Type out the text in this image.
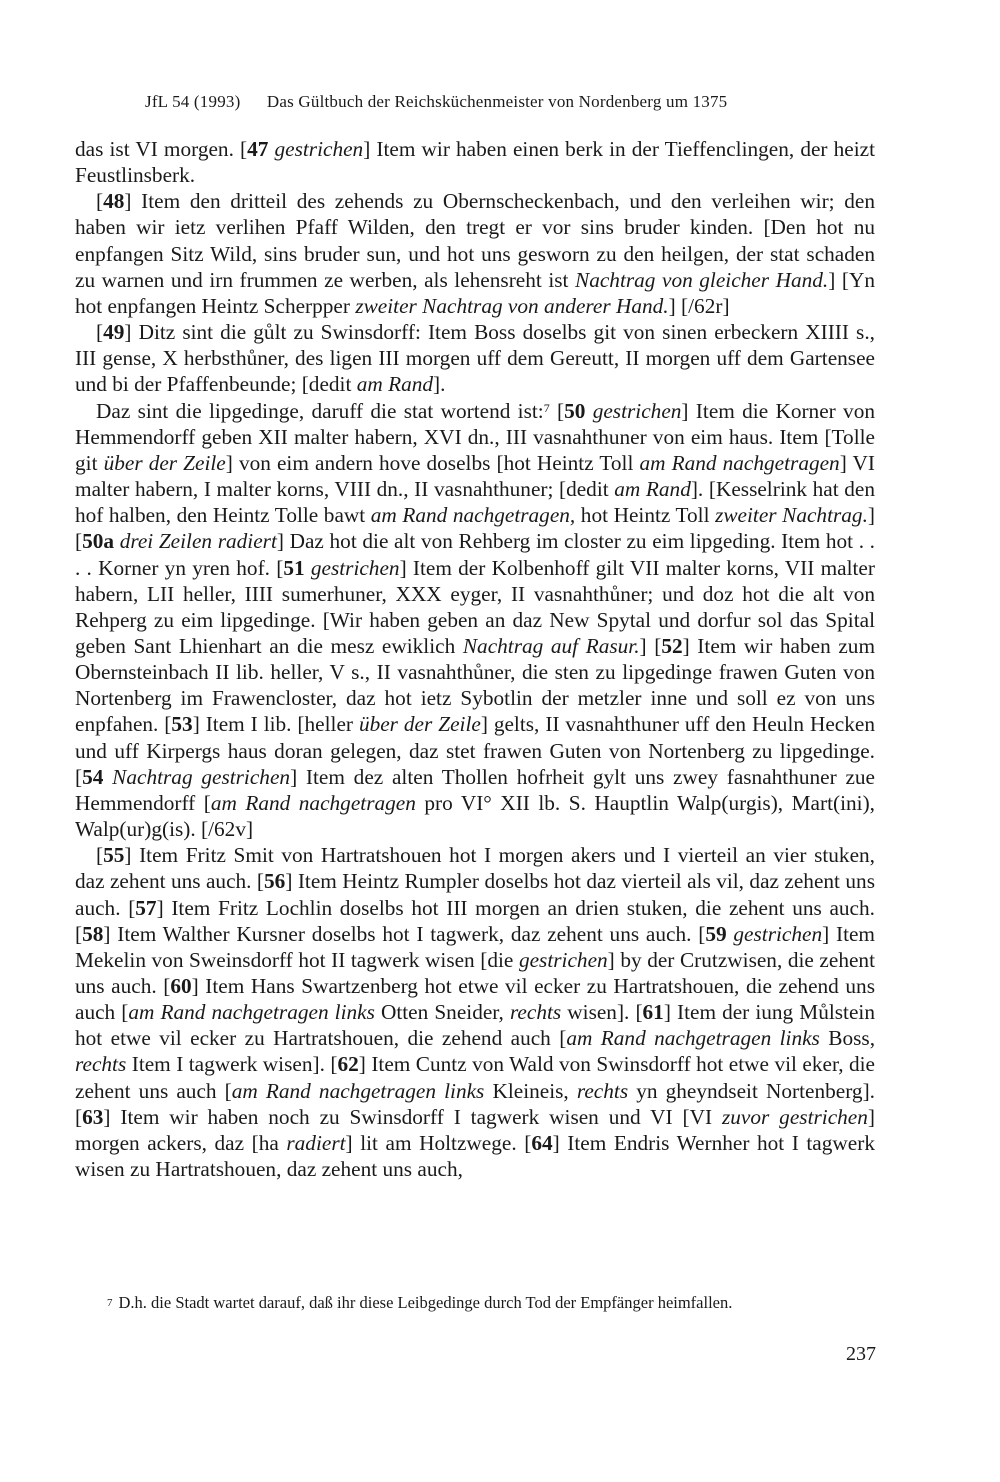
JfL 54 (1993) Das Gültbuch der Reichsküchenmeister von Nordenberg um 1375

das ist VI morgen. [47 gestrichen] Item wir haben einen berk in der Tieffenclingen, der heizt Feustlinsberk.

[48] Item den dritteil des zehends zu Obernscheckenbach, und den verleihen wir; den haben wir ietz verlihen Pfaff Wilden, den tregt er vor sins bruder kinden. [Den hot nu enpfangen Sitz Wild, sins bruder sun, und hot uns gesworn zu den heilgen, der stat schaden zu warnen und irn frummen ze werben, als lehensreht ist Nachtrag von gleicher Hand.] [Yn hot enpfangen Heintz Scherpper zweiter Nachtrag von anderer Hand.] [/62r]

[49] Ditz sint die gůlt zu Swinsdorff: Item Boss doselbs git von sinen erbeckern XIIII s., III gense, X herbsthůner, des ligen III morgen uff dem Gereutt, II morgen uff dem Gartensee und bi der Pfaffenbeunde; [dedit am Rand].

Daz sint die lipgedinge, daruff die stat wortend ist:$^7$ [50 gestrichen] Item die Korner von Hemmendorff geben XII malter habern, XVI dn., III vasnahthuner von eim haus. Item [Tolle git über der Zeile] von eim andern hove doselbs [hot Heintz Toll am Rand nachgetragen] VI malter habern, I malter korns, VIII dn., II vasnahthuner; [dedit am Rand]. [Kesselrink hat den hof halben, den Heintz Tolle bawt am Rand nachgetragen, hot Heintz Toll zweiter Nachtrag.] [50a drei Zeilen radiert] Daz hot die alt von Rehberg im closter zu eim lipgeding. Item hot . . . . Korner yn yren hof. [51 gestrichen] Item der Kolbenhoff gilt VII malter korns, VII malter habern, LII heller, IIII sumerhuner, XXX eyger, II vasnahthůner; und doz hot die alt von Rehperg zu eim lipgedinge. [Wir haben geben an daz New Spytal und dorfur sol das Spital geben Sant Lhienhart an die mesz ewiklich Nachtrag auf Rasur.] [52] Item wir haben zum Obernsteinbach II lib. heller, V s., II vasnahthůner, die sten zu lipgedinge frawen Guten von Nortenberg im Frawencloster, daz hot ietz Sybotlin der metzler inne und soll ez von uns enpfahen. [53] Item I lib. [heller über der Zeile] gelts, II vasnahthuner uff den Heuln Hecken und uff Kirpergs haus doran gelegen, daz stet frawen Guten von Nortenberg zu lipgedinge. [54 Nachtrag gestrichen] Item dez alten Thollen hofrheit gylt uns zwey fasnahthuner zue Hemmendorff [am Rand nachgetragen pro VI° XII lb. S. Hauptlin Walp(urgis), Mart(ini), Walp(ur)g(is). [/62v]

[55] Item Fritz Smit von Hartratshouen hot I morgen akers und I vierteil an vier stuken, daz zehent uns auch. [56] Item Heintz Rumpler doselbs hot daz vierteil als vil, daz zehent uns auch. [57] Item Fritz Lochlin doselbs hot III morgen an drien stuken, die zehent uns auch. [58] Item Walther Kursner doselbs hot I tagwerk, daz zehent uns auch. [59 gestrichen] Item Mekelin von Sweinsdorff hot II tagwerk wisen [die gestrichen] by der Crutzwisen, die zehent uns auch. [60] Item Hans Swartzenberg hot etwe vil ecker zu Hartratshouen, die zehend uns auch [am Rand nachgetragen links Otten Sneider, rechts wisen]. [61] Item der iung Můlstein hot etwe vil ecker zu Hartratshouen, die zehend auch [am Rand nachgetragen links Boss, rechts Item I tagwerk wisen]. [62] Item Cuntz von Wald von Swinsdorff hot etwe vil eker, die zehent uns auch [am Rand nachgetragen links Kleineis, rechts yn gheyndseit Nortenberg]. [63] Item wir haben noch zu Swinsdorff I tagwerk wisen und VI [VI zuvor gestrichen] morgen ackers, daz [ha radiert] lit am Holtzwege. [64] Item Endris Wernher hot I tagwerk wisen zu Hartratshouen, daz zehent uns auch,

7 D.h. die Stadt wartet darauf, daß ihr diese Leibgedinge durch Tod der Empfänger heimfallen.
237
